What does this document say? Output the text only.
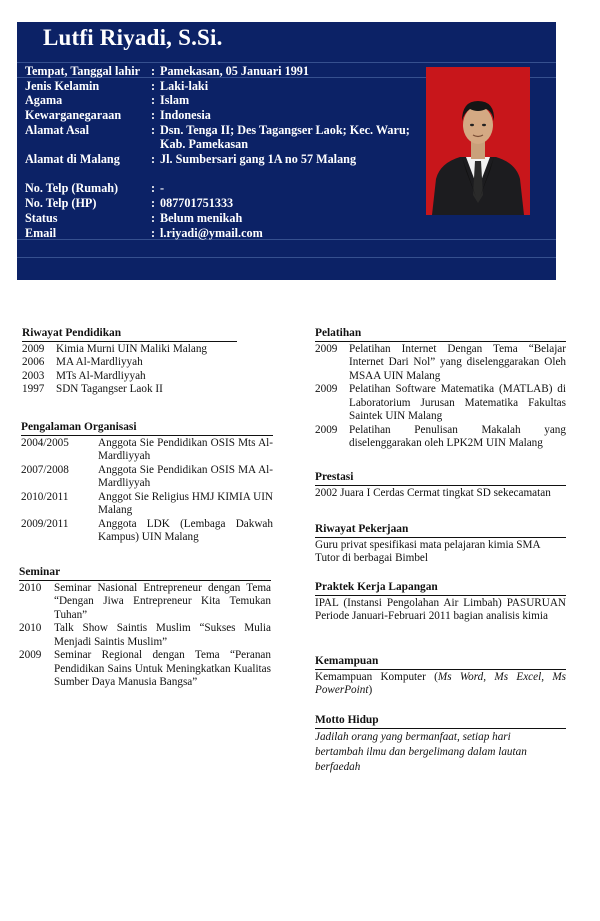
Lutfi Riyadi, S.Si.
Tempat, Tanggal lahir : Pamekasan, 05 Januari 1991
Jenis Kelamin	: Laki-laki
Agama	: Islam
Kewarganegaraan	: Indonesia
Alamat Asal	: Dsn. Tenga II; Des Tagangser Laok; Kec. Waru; Kab. Pamekasan
Alamat di Malang	: Jl. Sumbersari gang 1A no 57 Malang
No. Telp (Rumah)	: -
No. Telp (HP)	: 087701751333
Status	: Belum menikah
Email	: l.riyadi@ymail.com
Riwayat Pendidikan
2009	Kimia Murni UIN Maliki Malang
2006	MA Al-Mardliyyah
2003	MTs Al-Mardliyyah
1997	SDN Tagangser Laok II
Pengalaman Organisasi
2004/2005	Anggota Sie Pendidikan OSIS Mts Al-Mardliyyah
2007/2008	Anggota Sie Pendidikan OSIS MA Al-Mardliyyah
2010/2011	Anggot Sie Religius HMJ KIMIA UIN Malang
2009/2011	Anggota LDK (Lembaga Dakwah Kampus) UIN Malang
Seminar
2010	Seminar Nasional Entrepreneur dengan Tema “Dengan Jiwa Entrepreneur Kita Temukan Tuhan”
2010	Talk Show Saintis Muslim “Sukses Mulia Menjadi Saintis Muslim”
2009	Seminar Regional dengan Tema “Peranan Pendidikan Sains Untuk Meningkatkan Kualitas Sumber Daya Manusia Bangsa”
Pelatihan
2009	Pelatihan Internet Dengan Tema “Belajar Internet Dari Nol” yang diselenggarakan Oleh MSAA UIN Malang
2009	Pelatihan Software Matematika (MATLAB) di Laboratorium Jurusan Matematika Fakultas Saintek UIN Malang
2009	Pelatihan Penulisan Makalah yang diselenggarakan oleh LPK2M UIN Malang
Prestasi
2002 Juara I Cerdas Cermat tingkat SD sekecamatan
Riwayat Pekerjaan
Guru privat spesifikasi mata pelajaran kimia SMA
Tutor di berbagai Bimbel
Praktek Kerja Lapangan
IPAL (Instansi Pengolahan Air Limbah) PASURUAN Periode Januari-Februari 2011 bagian analisis kimia
Kemampuan
Kemampuan Komputer (Ms Word, Ms Excel, Ms PowerPoint)
Motto Hidup
Jadilah orang yang bermanfaat, setiap hari bertambah ilmu dan bergelimang dalam lautan berfaedah
